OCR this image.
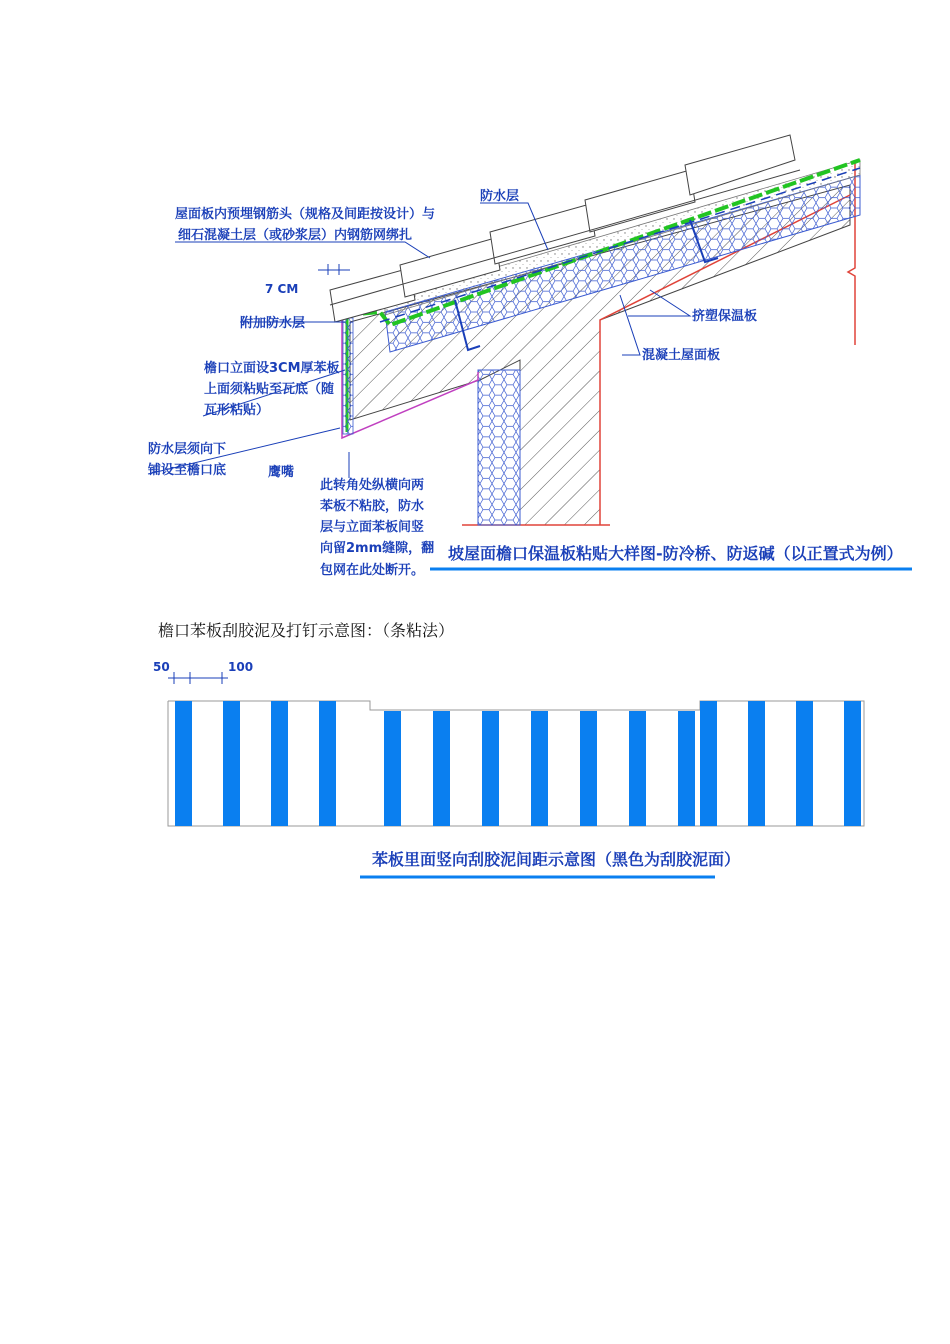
屋面板内预埋钢筋头（规格及间距按设计）与
细石混凝土层（或砂浆层）内钢筋网绑扎
7 CM
附加防水层
檐口立面设3CM厚苯板
上面须粘贴至瓦底（随
瓦形粘贴）
防水层须向下
铺设至檐口底	鹰嘴
此转角处纵横向两
苯板不粘胶，防水
层与立面苯板间竖
向留2mm缝隙，翻
包网在此处断开。
防水层
挤塑保温板
混凝土屋面板
坡屋面檐口保温板粘贴大样图-防冷桥、防返碱（以正置式为例）
50	100
苯板里面竖向刮胶泥间距示意图（黑色为刮胶泥面）
檐口苯板刮胶泥及打钉示意图：（条粘法）
